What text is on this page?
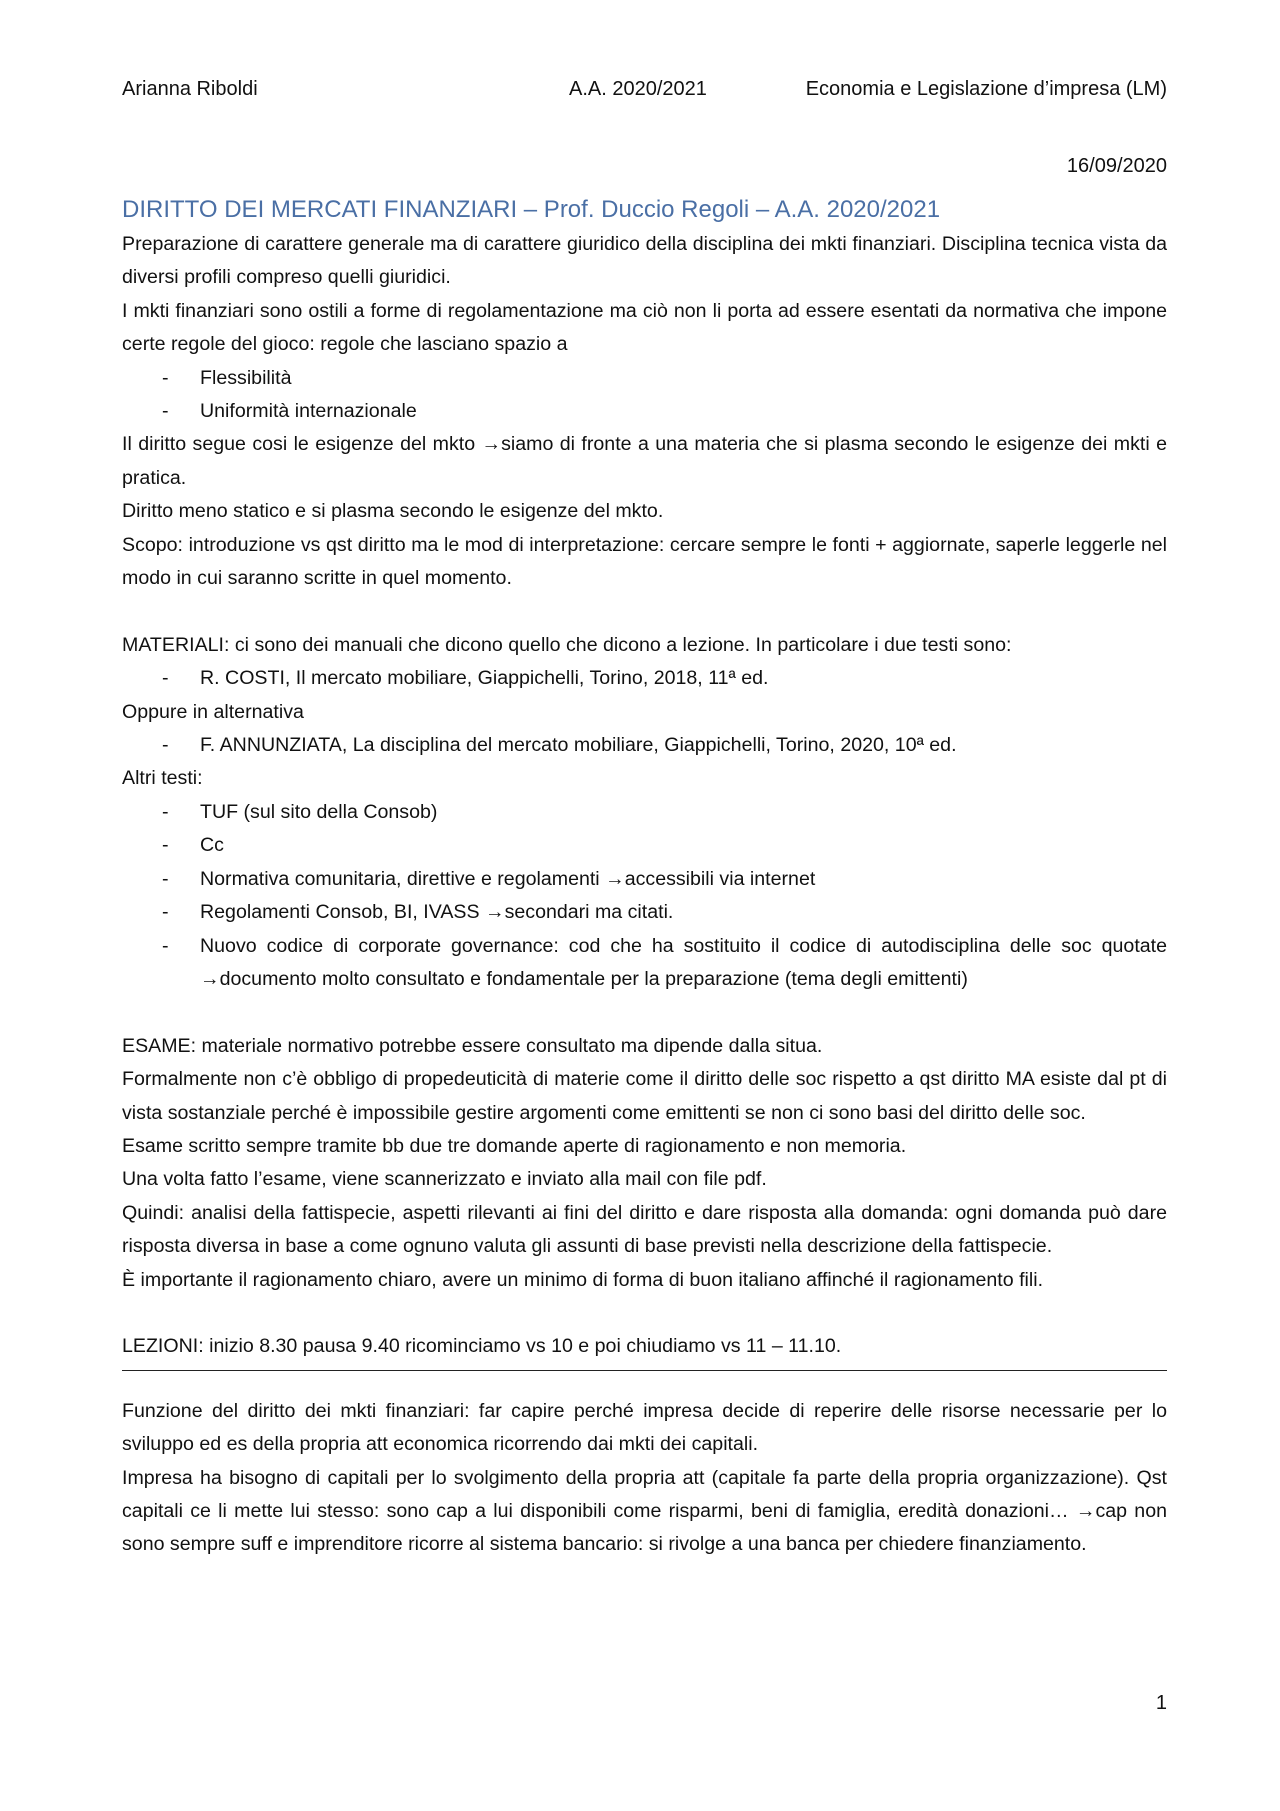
Arianna Riboldi	A.A. 2020/2021	Economia e Legislazione d’impresa (LM)
16/09/2020
DIRITTO DEI MERCATI FINANZIARI – Prof. Duccio Regoli – A.A. 2020/2021

Preparazione di carattere generale ma di carattere giuridico della disciplina dei mkti finanziari. Disciplina tecnica vista da diversi profili compreso quelli giuridici.

I mkti finanziari sono ostili a forme di regolamentazione ma ciò non li porta ad essere esentati da normativa che impone certe regole del gioco: regole che lasciano spazio a

- Flessibilità

- Uniformità internazionale

Il diritto segue cosi le esigenze del mkto →siamo di fronte a una materia che si plasma secondo le esigenze dei mkti e pratica.

Diritto meno statico e si plasma secondo le esigenze del mkto.

Scopo: introduzione vs qst diritto ma le mod di interpretazione: cercare sempre le fonti + aggiornate, saperle leggerle nel modo in cui saranno scritte in quel momento.

MATERIALI: ci sono dei manuali che dicono quello che dicono a lezione. In particolare i due testi sono:

- R. COSTI, Il mercato mobiliare, Giappichelli, Torino, 2018, 11ª ed.

Oppure in alternativa

- F. ANNUNZIATA, La disciplina del mercato mobiliare, Giappichelli, Torino, 2020, 10ª ed.

Altri testi:

- TUF (sul sito della Consob)

- Cc

- Normativa comunitaria, direttive e regolamenti →accessibili via internet

- Regolamenti Consob, BI, IVASS →secondari ma citati.

- Nuovo codice di corporate governance: cod che ha sostituito il codice di autodisciplina delle soc quotate →documento molto consultato e fondamentale per la preparazione (tema degli emittenti)

ESAME: materiale normativo potrebbe essere consultato ma dipende dalla situa.

Formalmente non c’è obbligo di propedeuticità di materie come il diritto delle soc rispetto a qst diritto MA esiste dal pt di vista sostanziale perché è impossibile gestire argomenti come emittenti se non ci sono basi del diritto delle soc.

Esame scritto sempre tramite bb due tre domande aperte di ragionamento e non memoria.

Una volta fatto l’esame, viene scannerizzato e inviato alla mail con file pdf.

Quindi: analisi della fattispecie, aspetti rilevanti ai fini del diritto e dare risposta alla domanda: ogni domanda può dare risposta diversa in base a come ognuno valuta gli assunti di base previsti nella descrizione della fattispecie.

È importante il ragionamento chiaro, avere un minimo di forma di buon italiano affinché il ragionamento fili.

LEZIONI: inizio 8.30 pausa 9.40 ricominciamo vs 10 e poi chiudiamo vs 11 – 11.10.

Funzione del diritto dei mkti finanziari: far capire perché impresa decide di reperire delle risorse necessarie per lo sviluppo ed es della propria att economica ricorrendo dai mkti dei capitali.

Impresa ha bisogno di capitali per lo svolgimento della propria att (capitale fa parte della propria organizzazione). Qst capitali ce li mette lui stesso: sono cap a lui disponibili come risparmi, beni di famiglia, eredità donazioni… →cap non sono sempre suff e imprenditore ricorre al sistema bancario: si rivolge a una banca per chiedere finanziamento.

1
